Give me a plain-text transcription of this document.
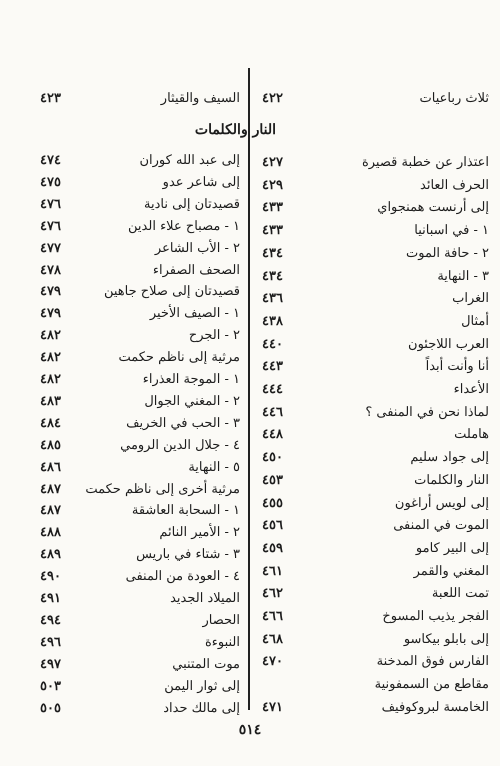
ثلاث رباعيات
٤٢٢
السيف والقيثار
٤٢٣
النار والكلمات
اعتذار عن خطبة قصيرة
٤٢٧
الحرف العائد
٤٢٩
إلى أرنست همنجواي
٤٣٣
١ - في اسبانيا
٤٣٣
٢ - حافة الموت
٤٣٤
٣ - النهاية
٤٣٤
الغراب
٤٣٦
أمثال
٤٣٨
العرب اللاجئون
٤٤٠
أنا وأنت أبداً
٤٤٣
الأعداء
٤٤٤
لماذا نحن في المنفى ؟
٤٤٦
هاملت
٤٤٨
إلى جواد سليم
٤٥٠
النار والكلمات
٤٥٣
إلى لويس أراغون
٤٥٥
الموت في المنفى
٤٥٦
إلى البير كامو
٤٥٩
المغني والقمر
٤٦١
تمت اللعبة
٤٦٢
الفجر يذيب المسوخ
٤٦٦
إلى بابلو بيكاسو
٤٦٨
الفارس فوق المدخنة
٤٧٠
مقاطع من السمفونية
الخامسة لبروكوفيف
٤٧١
إلى عبد الله كوران
٤٧٤
إلى شاعر عدو
٤٧٥
قصيدتان إلى نادية
٤٧٦
١ - مصباح علاء الدين
٤٧٦
٢ - الأب الشاعر
٤٧٧
الصحف الصفراء
٤٧٨
قصيدتان إلى صلاح جاهين
٤٧٩
١ - الصيف الأخير
٤٧٩
٢ - الجرح
٤٨٢
مرثية إلى ناظم حكمت
٤٨٢
١ - الموجة العذراء
٤٨٢
٢ - المغني الجوال
٤٨٣
٣ - الحب في الخريف
٤٨٤
٤ - جلال الدين الرومي
٤٨٥
٥ - النهاية
٤٨٦
مرثية أخرى إلى ناظم حكمت
٤٨٧
١ - السحابة العاشقة
٤٨٧
٢ - الأمير النائم
٤٨٨
٣ - شتاء في باريس
٤٨٩
٤ - العودة من المنفى
٤٩٠
الميلاد الجديد
٤٩١
الحصار
٤٩٤
النبوءة
٤٩٦
موت المتنبي
٤٩٧
إلى ثوار اليمن
٥٠٣
إلى مالك حداد
٥٠٥
٥١٤
